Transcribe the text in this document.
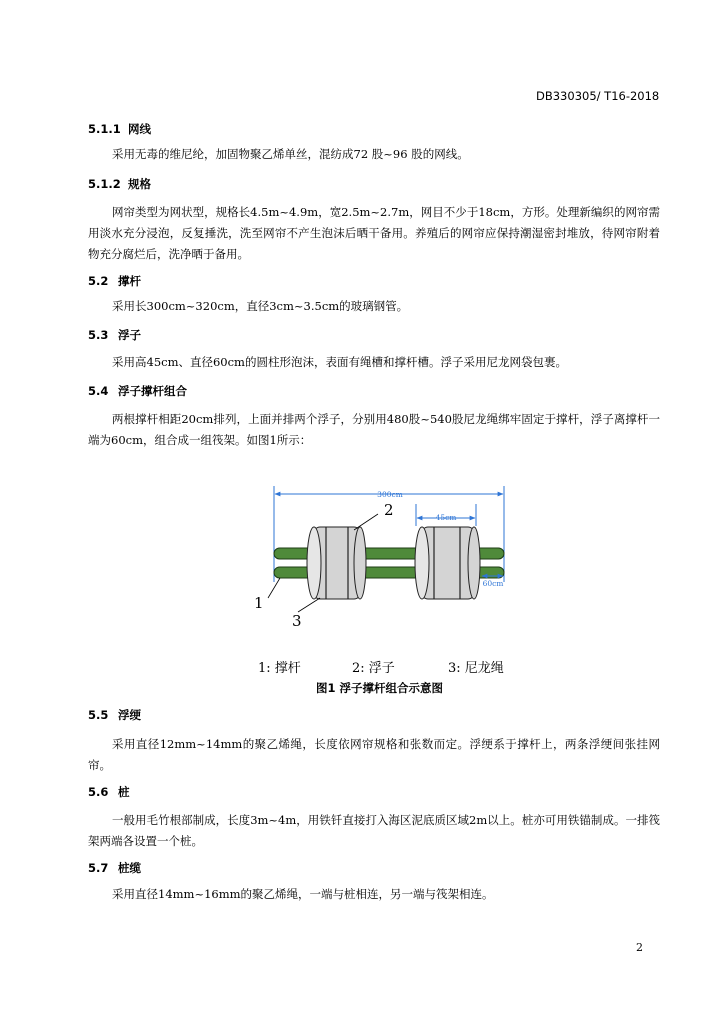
DB330305/ T16-2018
5.1.1 网线
采用无毒的维尼纶，加固物聚乙烯单丝，混纺成72 股~96 股的网线。
5.1.2 规格
网帘类型为网状型，规格长4.5m~4.9m，宽2.5m~2.7m，网目不少于18cm，方形。处理新编织的网帘需用淡水充分浸泡，反复捶洗，洗至网帘不产生泡沫后晒干备用。养殖后的网帘应保持潮湿密封堆放，待网帘附着物充分腐烂后，洗净晒于备用。
5.2 撑杆
采用长300cm~320cm，直径3cm~3.5cm的玻璃钢管。
5.3 浮子
采用高45cm、直径60cm的圆柱形泡沫，表面有绳槽和撑杆槽。浮子采用尼龙网袋包裹。
5.4 浮子撑杆组合
两根撑杆相距20cm排列，上面并排两个浮子，分别用480股~540股尼龙绳绑牢固定于撑杆，浮子离撑杆一端为60cm，组合成一组筏架。如图1所示：
300cm
45cm
60cm
1
2
3
1: 撑杆	2: 浮子	3: 尼龙绳
图1 浮子撑杆组合示意图
5.5 浮绠
采用直径12mm~14mm的聚乙烯绳，长度依网帘规格和张数而定。浮绠系于撑杆上，两条浮绠间张挂网帘。
5.6 桩
一般用毛竹根部制成，长度3m~4m，用铁钎直接打入海区泥底质区域2m以上。桩亦可用铁锚制成。一排筏架两端各设置一个桩。
5.7 桩缆
采用直径14mm~16mm的聚乙烯绳，一端与桩相连，另一端与筏架相连。
2
